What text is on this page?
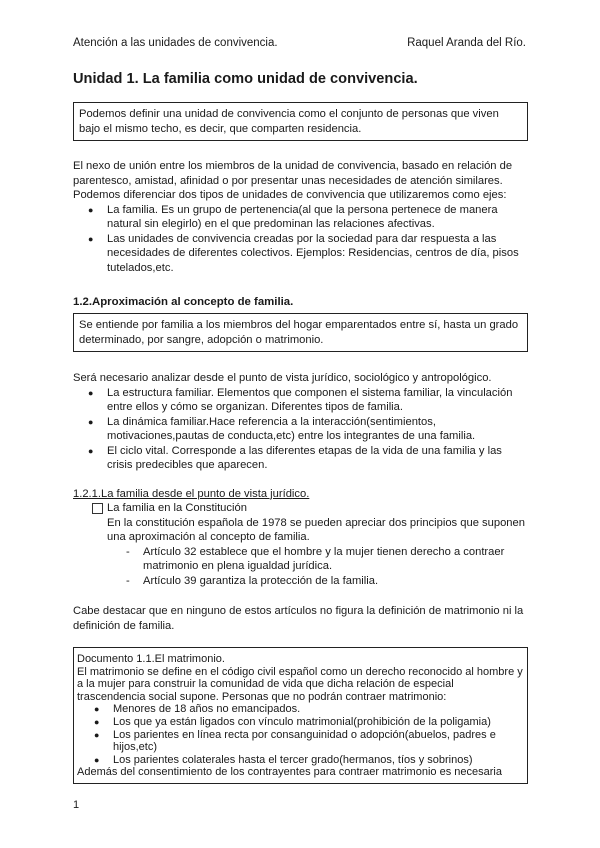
Atención a las unidades de convivencia.	Raquel Aranda del Río.
Unidad 1. La familia como unidad de convivencia.

Podemos definir una unidad de convivencia como el conjunto de personas que viven bajo el mismo techo, es decir, que comparten residencia.

El nexo de unión entre los miembros de la unidad de convivencia, basado en relación de parentesco, amistad, afinidad o por presentar unas necesidades de atención similares. Podemos diferenciar dos tipos de unidades de convivencia que utilizaremos como ejes:

● La familia. Es un grupo de pertenencia(al que la persona pertenece de manera natural sin elegirlo) en el que predominan las relaciones afectivas.
● Las unidades de convivencia creadas por la sociedad para dar respuesta a las necesidades de diferentes colectivos. Ejemplos: Residencias, centros de día, pisos tutelados,etc.
1.2.Aproximación al concepto de familia.

Se entiende por familia a los miembros del hogar emparentados entre sí, hasta un grado determinado, por sangre, adopción o matrimonio.

Será necesario analizar desde el punto de vista jurídico, sociológico y antropológico.

● La estructura familiar. Elementos que componen el sistema familiar, la vinculación entre ellos y cómo se organizan. Diferentes tipos de familia.
● La dinámica familiar.Hace referencia a la interacción(sentimientos, motivaciones,pautas de conducta,etc) entre los integrantes de una familia.
● El ciclo vital. Corresponde a las diferentes etapas de la vida de una familia y las crisis predecibles que aparecen.

1.2.1.La familia desde el punto de vista jurídico.

La familia en la Constitución

En la constitución española de 1978 se pueden apreciar dos principios que suponen una aproximación al concepto de familia.

- Artículo 32 establece que el hombre y la mujer tienen derecho a contraer matrimonio en plena igualdad jurídica.
- Artículo 39 garantiza la protección de la familia.

Cabe destacar que en ninguno de estos artículos no figura la definición de matrimonio ni la definición de familia.

Documento 1.1.El matrimonio.

El matrimonio se define en el código civil español como un derecho reconocido al hombre y a la mujer para construir la comunidad de vida que dicha relación de especial trascendencia social supone. Personas que no podrán contraer matrimonio:

● Menores de 18 años no emancipados.
● Los que ya están ligados con vínculo matrimonial(prohibición de la poligamia)
● Los parientes en línea recta por consanguinidad o adopción(abuelos, padres e hijos,etc)
● Los parientes colaterales hasta el tercer grado(hermanos, tíos y sobrinos)

Además del consentimiento de los contrayentes para contraer matrimonio es necesaria

1
